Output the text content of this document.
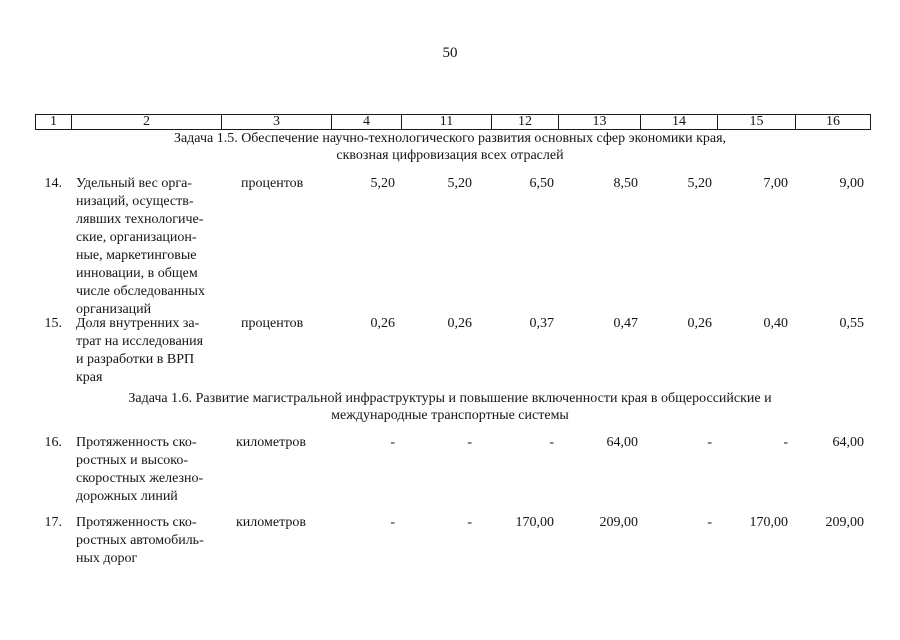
50
1	2	3	4	11	12	13	14	15	16
Задача 1.5. Обеспечение научно-технологического развития основных сфер экономики края,
сквозная цифровизация всех отраслей
14. Удельный вес орга-
низаций, осуществ-
лявших технологиче-
ские, организацион-
ные, маркетинговые
инновации, в общем
числе обследованных
организаций
процентов	5,20	5,20	6,50	8,50	5,20	7,00	9,00
15. Доля внутренних за-
трат на исследования
и разработки в ВРП
края
процентов	0,26	0,26	0,37	0,47	0,26	0,40	0,55
Задача 1.6. Развитие магистральной инфраструктуры и повышение включенности края в общероссийские и
международные транспортные системы
16. Протяженность ско-
ростных и высоко-
скоростных железно-
дорожных линий
километров	-	-	-	64,00	-	-	64,00
17. Протяженность ско-
ростных автомобиль-
ных дорог
километров	-	-	170,00	209,00	-	170,00	209,00
